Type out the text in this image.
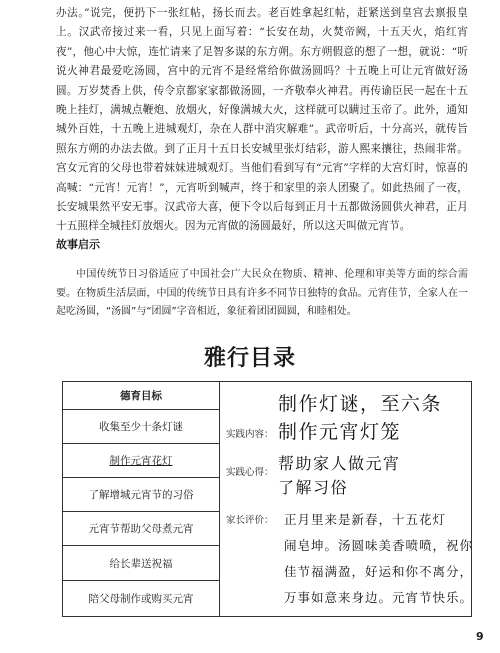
办法。”说完，便扔下一张红帖，扬长而去。老百姓拿起红帖，赶紧送到皇宫去禀报皇上。汉武帝接过来一看，只见上面写着：“长安在劫，火焚帝阙，十五天火，焰红宵夜”，他心中大惊，连忙请来了足智多谋的东方朔。东方朔假意的想了一想，就说：“听说火神君最爱吃汤圆，宫中的元宵不是经常给你做汤圆吗？十五晚上可让元宵做好汤圆。万岁焚香上供，传令京都家家都做汤圆，一齐敬奉火神君。再传谕臣民一起在十五晚上挂灯，满城点鞭炮、放烟火，好像满城大火，这样就可以瞒过玉帝了。此外，通知城外百姓，十五晚上进城观灯，杂在人群中消灾解难”。武帝听后，十分高兴，就传旨照东方朔的办法去做。到了正月十五日长安城里张灯结彩，游人熙来攘往，热闹非常。宫女元宵的父母也带着妹妹进城观灯。当他们看到写有“元宵”字样的大宫灯时，惊喜的高喊：“元宵！元宵！”，元宵听到喊声，终于和家里的亲人团聚了。如此热闹了一夜，长安城果然平安无事。汉武帝大喜，便下令以后每到正月十五都做汤圆供火神君，正月十五照样全城挂灯放烟火。因为元宵做的汤圆最好，所以这天叫做元宵节。

故事启示

中国传统节日习俗适应了中国社会广大民众在物质、精神、伦理和审美等方面的综合需要。在物质生活层面，中国的传统节日具有许多不同节日独特的食品。元宵佳节，全家人在一起吃汤圆，“汤圆”与“团圆”字音相近，象征着团团圆圆，和睦相处。

雅行目录
德育目标
收集至少十条灯谜
制作元宵花灯
了解增城元宵节的习俗
元宵节帮助父母煮元宵
给长辈送祝福
陪父母制作或购买元宵
实践内容：
制作灯谜，至六条
制作元宵灯笼
实践心得： 帮助家人做元宵
了解习俗
家长评价： 正月里来是新春，十五花灯
闹皂坤。汤圆味美香喷喷，祝你
佳节福满盈，好运和你不离分，
万事如意来身边。元宵节快乐。
9
